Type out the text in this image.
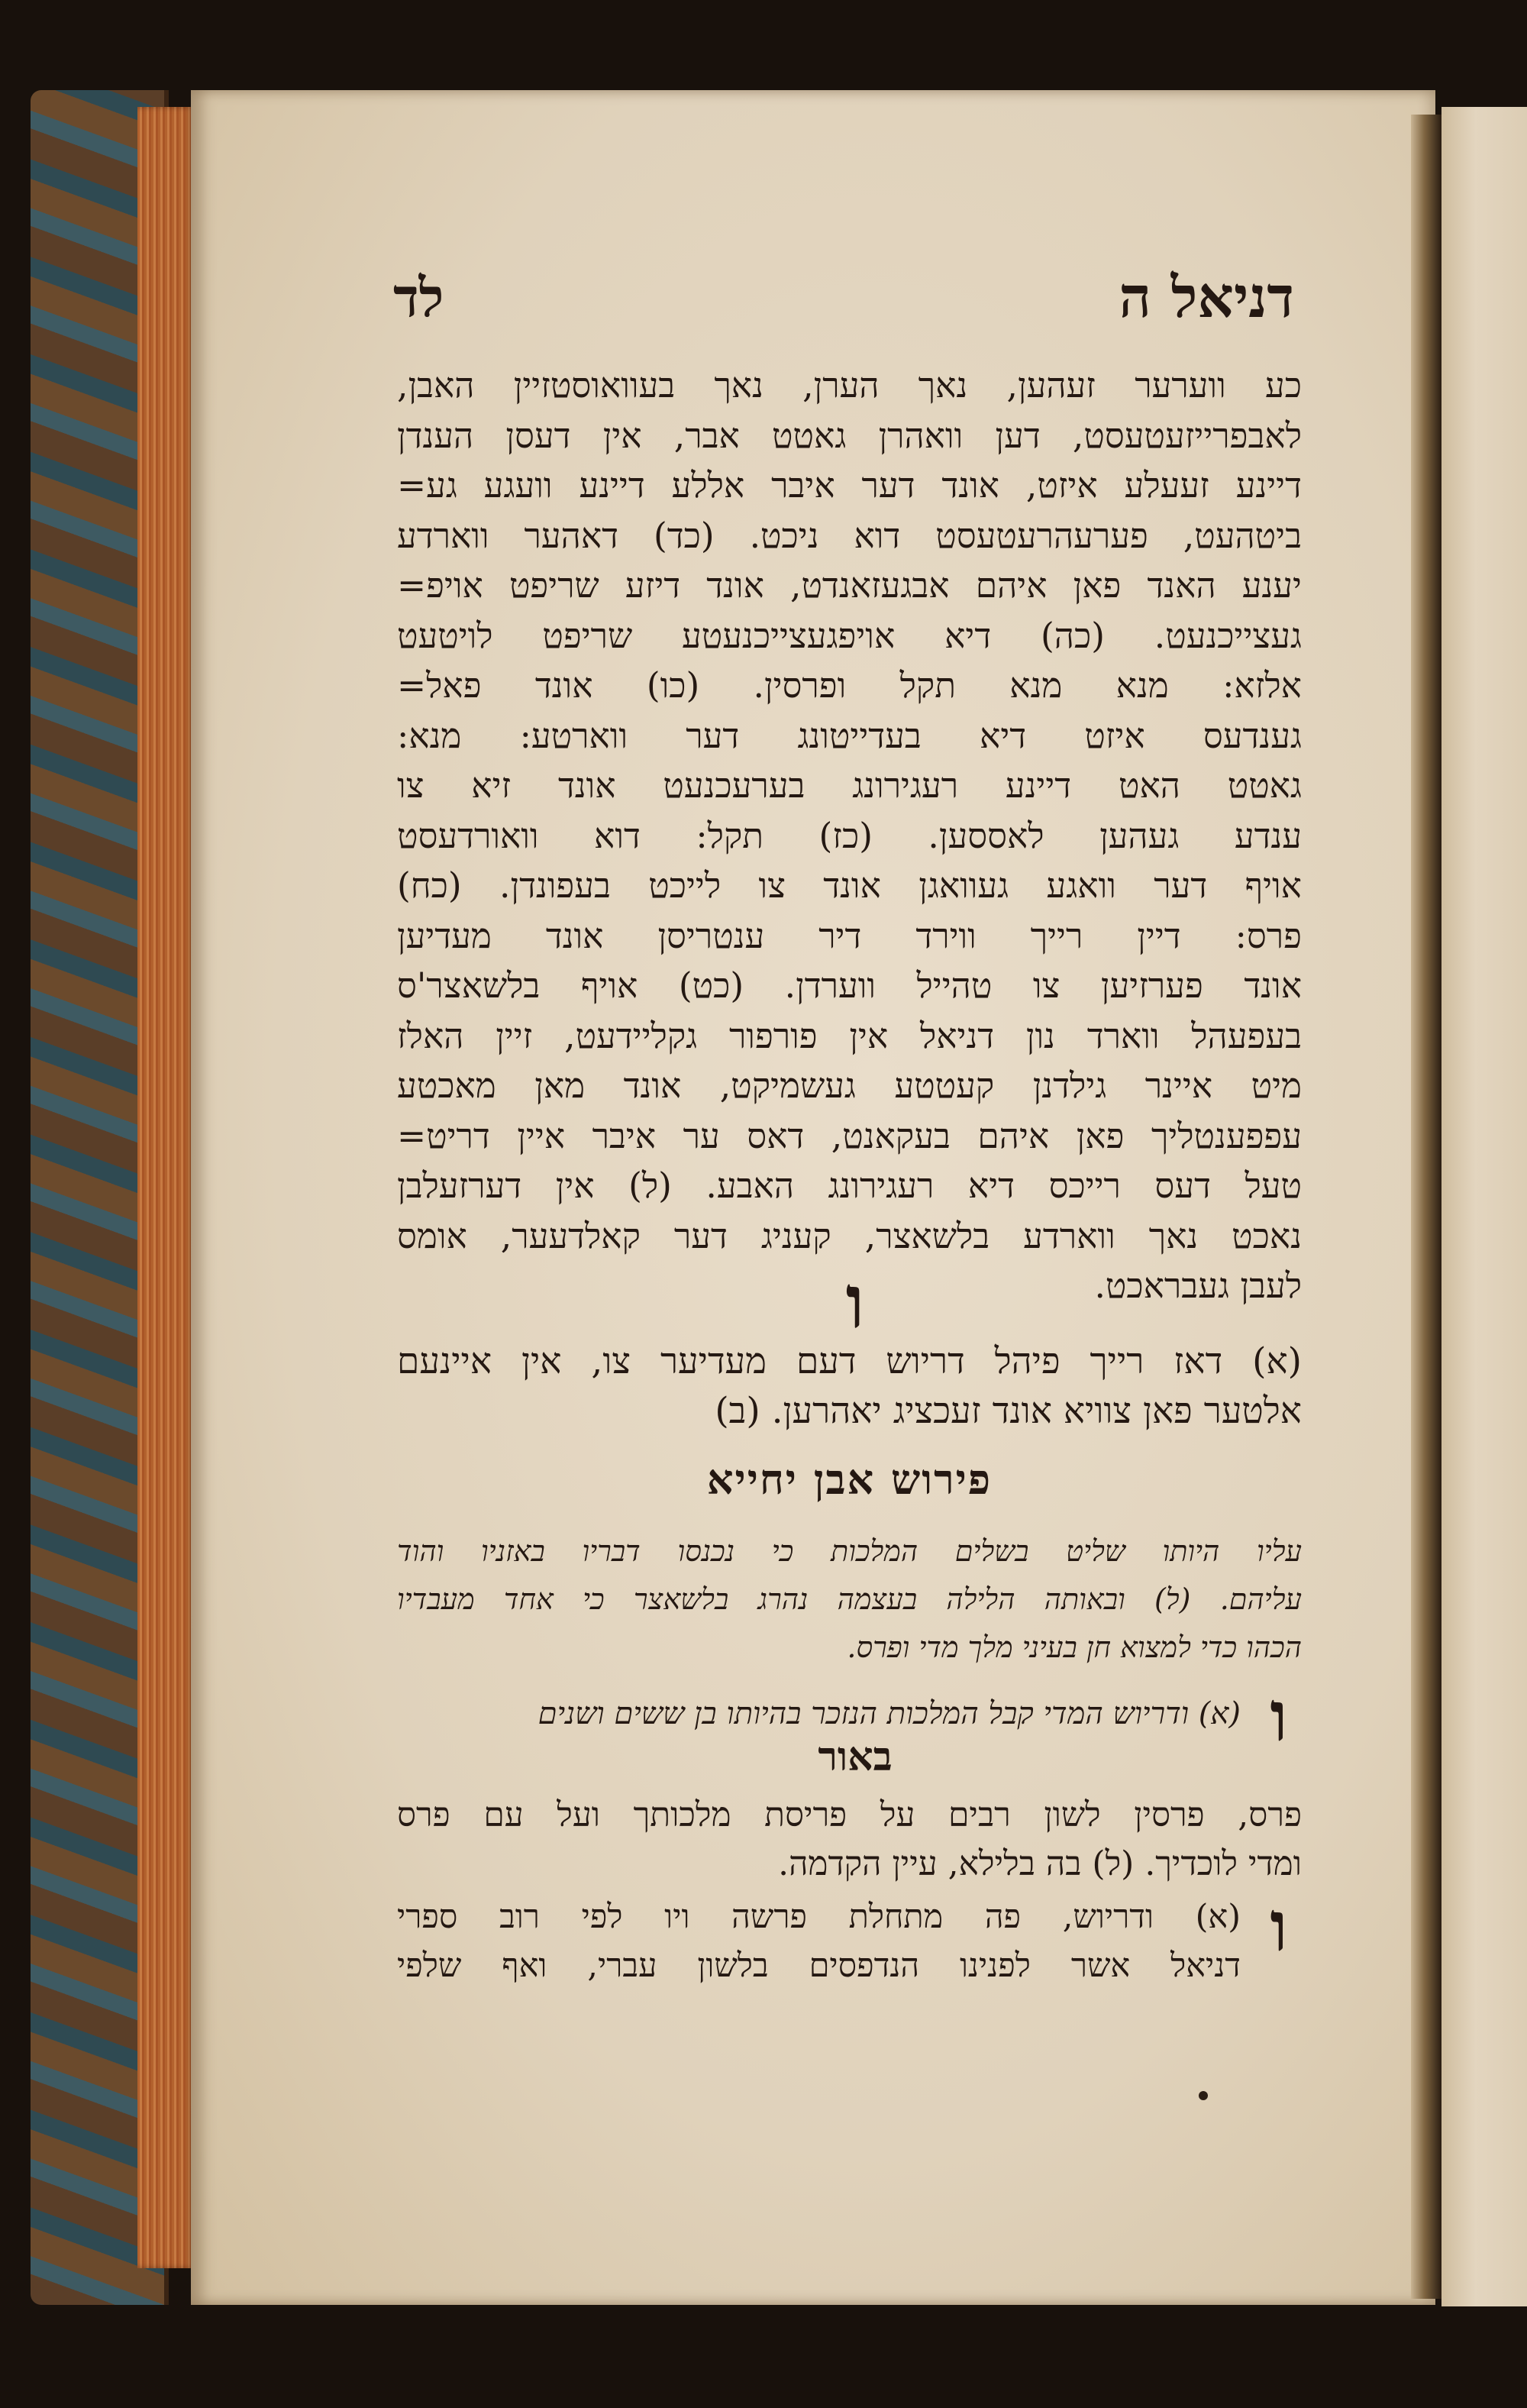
דניאל ה
לד
כע ווערער זעהען, נאך הערן, נאך בעוואוסטזיין האבן,
לאבפרייזעטעסט, דען וואהרן גאטט אבר, אין דעסן הענדן
דיינע זעעלע איזט, אונד דער איבר אללע דיינע וועגע גע=
ביטהעט, פערעהרעטעסט דוא ניכט. (כד) דאהער ווארדע
יענע האנד פאן איהם אבגעזאנדט, אונד דיזע שריפט אויפ=
געצייכנעט. (כה) דיא אויפגעצייכנעטע שריפט לויטעט
אלזא: מנא מנא תקל ופרסין. (כו) אונד פאל=
גענדעס איזט דיא בעדייטונג דער ווארטע: מנא:
גאטט האט דיינע רעגירונג בערעכנעט אונד זיא צו
ענדע געהען לאססען. (כז) תקל: דוא וואורדעסט
אויף דער וואגע געוואגן אונד צו לייכט בעפונדן. (כח)
פרס: דיין רייך ווירד דיר ענטריסן אונד מעדיען
אונד פערזיען צו טהייל ווערדן. (כט) אויף בלשאצר'ס
בעפעהל ווארד נון דניאל אין פורפור גקליידעט, זיין האלז
מיט איינר גילדנן קעטטע געשמיקט, אונד מאן מאכטע
עפפענטליך פאן איהם בעקאנט, דאס ער איבר איין דריט=
טעל דעס רייכס דיא רעגירונג האבע. (ל) אין דערזעלבן
נאכט נאך ווארדע בלשאצר, קעניג דער קאלדעער, אומס
לעבן געבראכט.
ו
(א) דאז רייך פיהל דריוש דעם מעדיער צו, אין איינעם
אלטער פאן צוויא אונד זעכציג יאהרען. (ב)
פירוש אבן יחייא
עליו היותו שליט בשלים המלכות כי נכנסו דבריו באזניו והוד
עליהם. (ל) ובאותה הלילה בעצמה נהרג בלשאצר כי אחד מעבדיו
הכהו כדי למצוא חן בעיני מלך מדי ופרס.
ו
(א) ודריוש המדי קבל המלכות הנזכר בהיותו בן ששים ושנים
באור
פרס, פרסין לשון רבים על פריסת מלכותך ועל עם פרס
ומדי לוכדיך. (ל) בה בלילא, עיין הקדמה.
ו
(א) ודריוש, פה מתחלת פרשה ויו לפי רוב ספרי
דניאל אשר לפנינו הנדפסים בלשון עברי, ואף שלפי
